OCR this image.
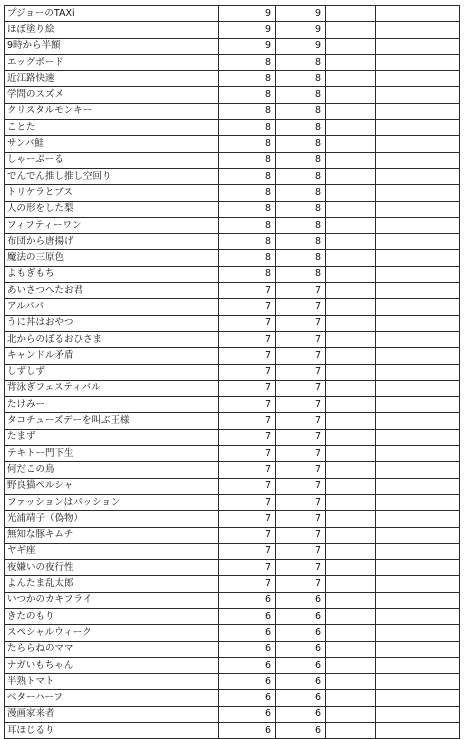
プジョーのTAXi	9	9		
ほぼ塗り絵	9	9		
9時から半額	9	9		
エッグボード	8	8		
近江路快速	8	8		
学問のスズメ	8	8		
クリスタルモンキー	8	8		
ことた	8	8		
サンバ鮭	8	8		
しゃーぷーる	8	8		
でんでん推し推し空回り	8	8		
トリケラとブス	8	8		
人の形をした梨	8	8		
フィフティーワン	8	8		
布団から唐揚げ	8	8		
魔法の三原色	8	8		
よもぎもち	8	8		
あいさつへたお君	7	7		
アルパパ	7	7		
うに丼はおやつ	7	7		
北からのぼるおひさま	7	7		
キャンドル矛盾	7	7		
しずしず	7	7		
背泳ぎフェスティバル	7	7		
たけみー	7	7		
タコチューズデーを叫ぶ王様	7	7		
たまず	7	7		
テキトー門下生	7	7		
何だこの鳥	7	7		
野良猫ペルシャ	7	7		
ファッションはパッション	7	7		
光浦靖子（偽物）	7	7		
無知な豚キムチ	7	7		
ヤギ座	7	7		
夜嫌いの夜行性	7	7		
よんたま乱太郎	7	7		
いつかのカキフライ	6	6		
きたのもり	6	6		
スペシャルウィーク	6	6		
たららねのママ	6	6		
ナガいもちゃん	6	6		
半熟トマト	6	6		
ベターハーフ	6	6		
漫画家来者	6	6		
耳ほじるり	6	6		
